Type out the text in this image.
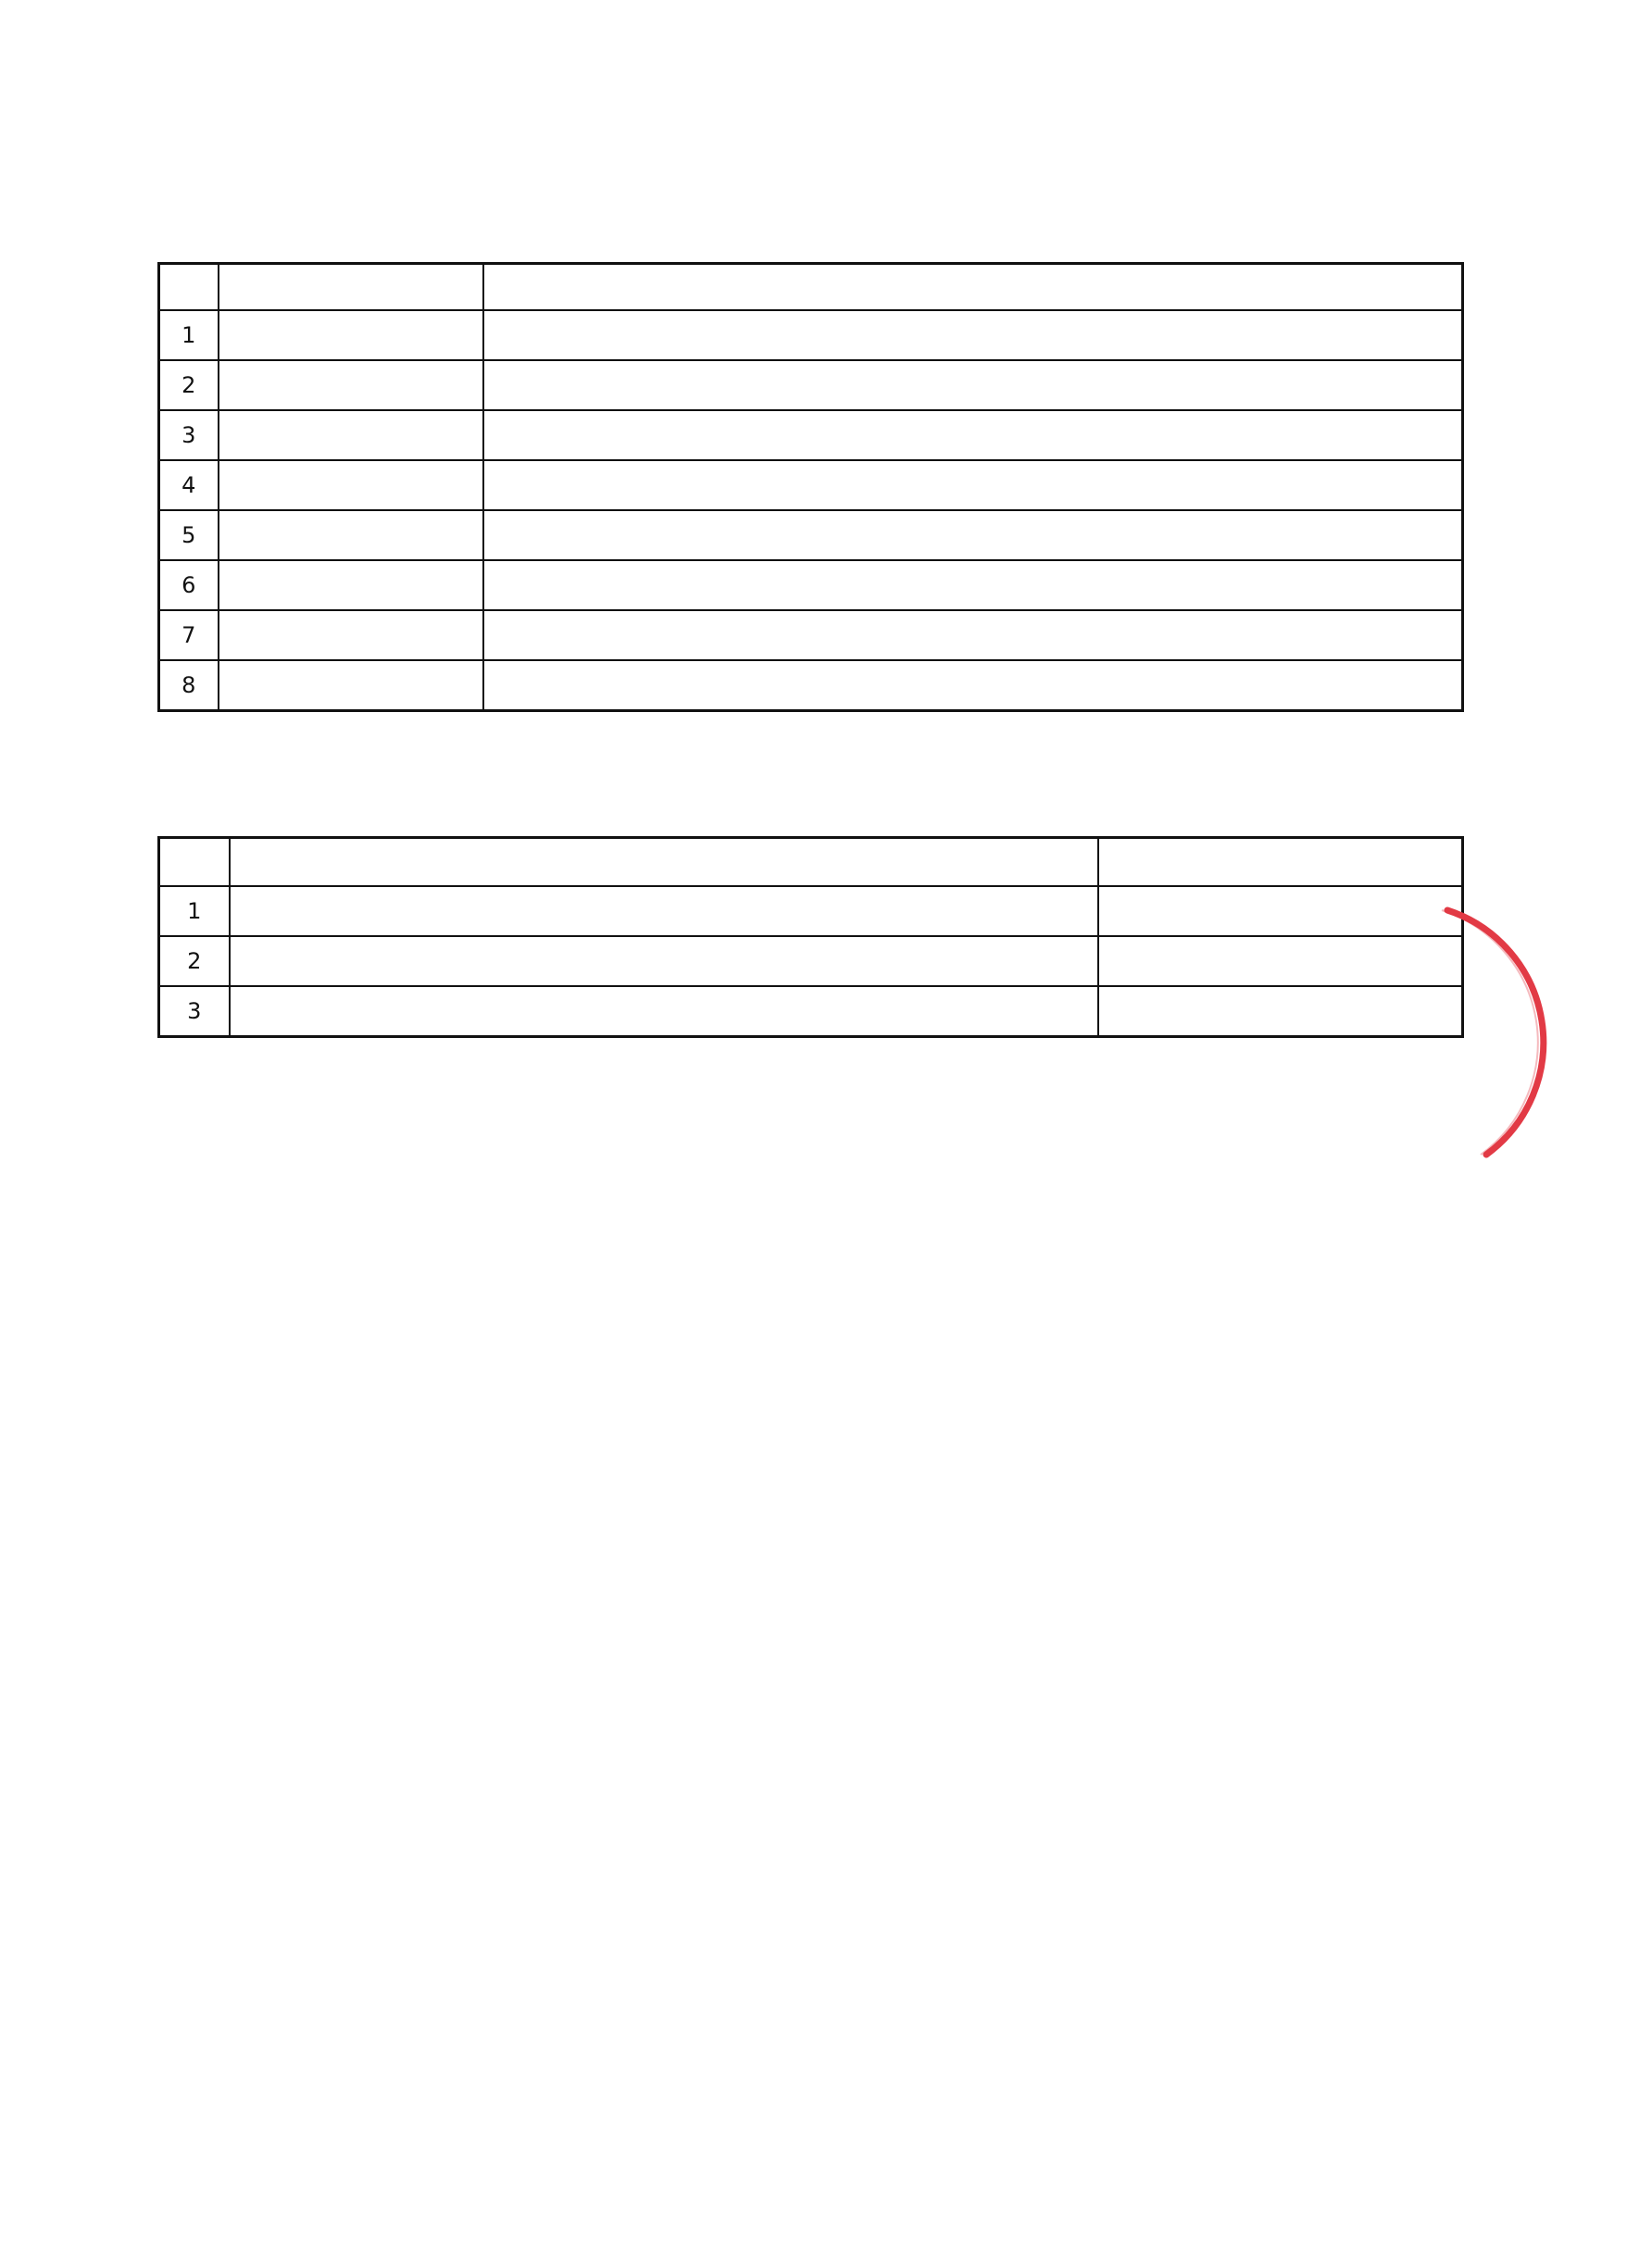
1		
2		
3		
4		
5		
6		
7		
8		

1		
2		
3		
